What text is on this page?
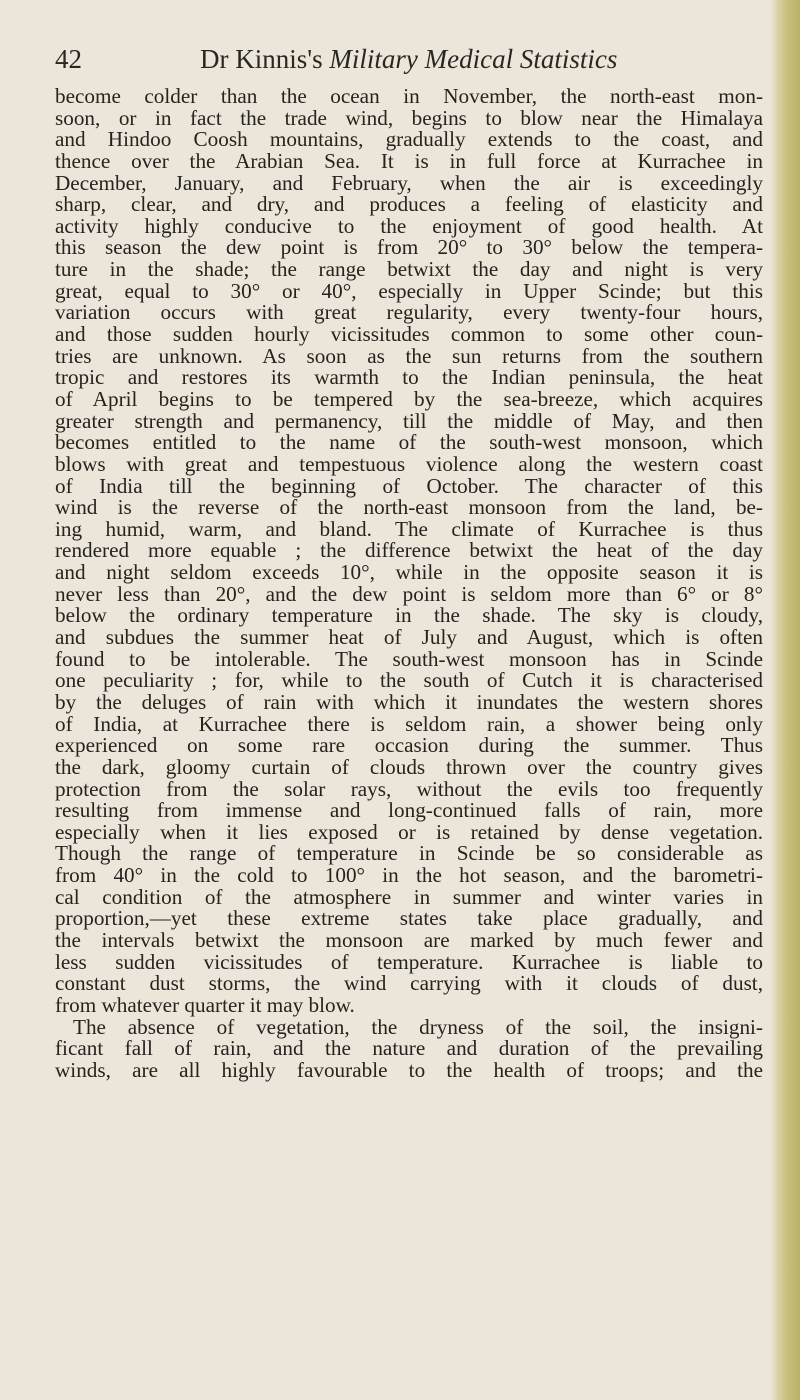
42	Dr Kinnis's Military Medical Statistics
become colder than the ocean in November, the north-east mon-
soon, or in fact the trade wind, begins to blow near the Himalaya
and Hindoo Coosh mountains, gradually extends to the coast, and
thence over the Arabian Sea. It is in full force at Kurrachee in
December, January, and February, when the air is exceedingly
sharp, clear, and dry, and produces a feeling of elasticity and
activity highly conducive to the enjoyment of good health. At
this season the dew point is from 20° to 30° below the tempera-
ture in the shade; the range betwixt the day and night is very
great, equal to 30° or 40°, especially in Upper Scinde; but this
variation occurs with great regularity, every twenty-four hours,
and those sudden hourly vicissitudes common to some other coun-
tries are unknown. As soon as the sun returns from the southern
tropic and restores its warmth to the Indian peninsula, the heat
of April begins to be tempered by the sea-breeze, which acquires
greater strength and permanency, till the middle of May, and then
becomes entitled to the name of the south-west monsoon, which
blows with great and tempestuous violence along the western coast
of India till the beginning of October. The character of this
wind is the reverse of the north-east monsoon from the land, be-
ing humid, warm, and bland. The climate of Kurrachee is thus
rendered more equable ; the difference betwixt the heat of the day
and night seldom exceeds 10°, while in the opposite season it is
never less than 20°, and the dew point is seldom more than 6° or 8°
below the ordinary temperature in the shade. The sky is cloudy,
and subdues the summer heat of July and August, which is often
found to be intolerable. The south-west monsoon has in Scinde
one peculiarity ; for, while to the south of Cutch it is characterised
by the deluges of rain with which it inundates the western shores
of India, at Kurrachee there is seldom rain, a shower being only
experienced on some rare occasion during the summer. Thus
the dark, gloomy curtain of clouds thrown over the country gives
protection from the solar rays, without the evils too frequently
resulting from immense and long-continued falls of rain, more
especially when it lies exposed or is retained by dense vegetation.
Though the range of temperature in Scinde be so considerable as
from 40° in the cold to 100° in the hot season, and the barometri-
cal condition of the atmosphere in summer and winter varies in
proportion,—yet these extreme states take place gradually, and
the intervals betwixt the monsoon are marked by much fewer and
less sudden vicissitudes of temperature. Kurrachee is liable to
constant dust storms, the wind carrying with it clouds of dust,
from whatever quarter it may blow.
The absence of vegetation, the dryness of the soil, the insigni-
ficant fall of rain, and the nature and duration of the prevailing
winds, are all highly favourable to the health of troops; and the
